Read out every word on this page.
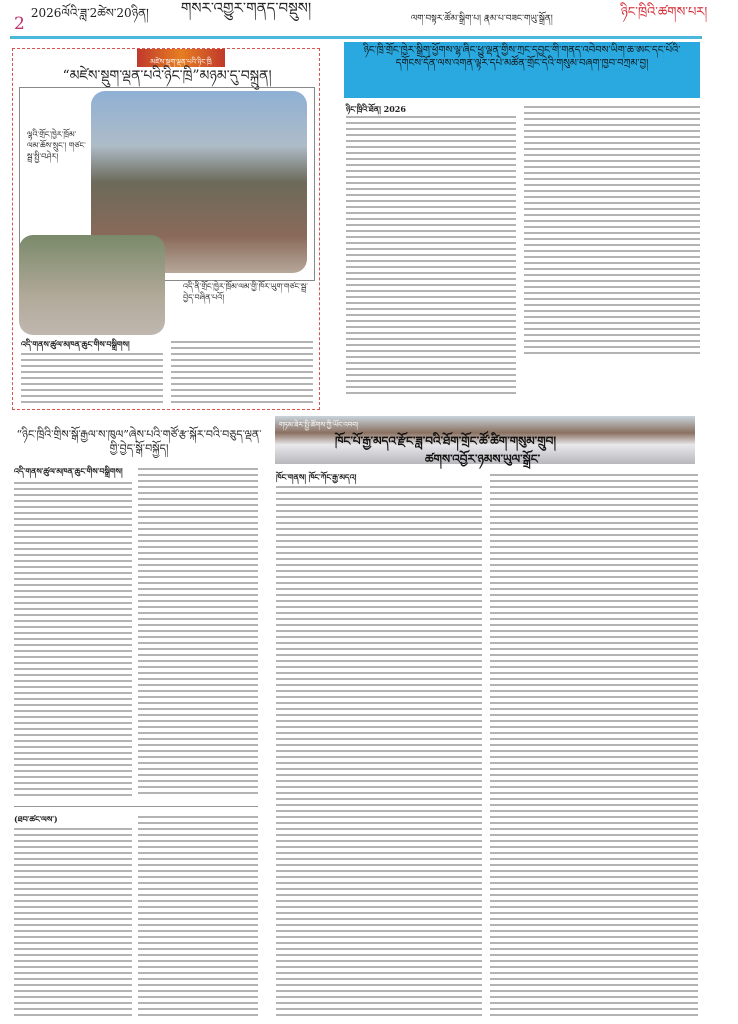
2
2026ལོའི་ཟླ་2ཚེས་20ཉིན།	གསར་འགྱུར་གནད་བསྡུས།
ལག་བསྟར་ཚོམ་སྒྲིག་པ། རྣམ་པ་བཟང་གཡུ་སྒྲོན།	ཉིང་ཁྲིའི་ཚགས་པར།
མཛེས་སྡུག་ལྡན་པའི་ཉིང་ཁྲི
“མཛེས་སྡུག་ལྡན་པའི་ཉིང་ཁྲི”མཉམ་དུ་བསྐྲུན།
ལྷའི་གྲོང་ཁྱེར་ཁྲོམ་ལམ་ཆོས་སྲུང་། གཙང་སྦྲ་སྤྱི་བཤེར།
འདི་ནི་གྲོང་ཁྱེར་ཁྲོམ་ལམ་གྱི་ཁོར་ཡུག་གཙང་སྦྲ་བྱེད་བཞིན་པའོ།
འདི་གནས་ཚུལ་མཁན་ཆུང་གིས་བསྒྲིགས།
ཉིང་ཁྲི་གྲོང་ཁྱེར་སྒྲིག་ཕྱོགས་ལྷ་ཞིང་ཕྱུ་ལྡན་གྱིས་ཀྲང་དབྱང་གི་གནད་འབེབས་ཡིག་ཆ་ཨང་དང་པོའི་དགོངས་དོན་ལས་འགན་ལྟར་དཔེ་མཚོན་གྲོང་དེའི་གསུམ་བཞག་ཁྱབ་བཀྲམ་བྱ།
ཉིང་ཁྲིའི་ཐོན། 2026
“ཉིང་ཁྲིའི་གྲིས་སྒོ་རྒྱལ་ས་ཁུལ”ཞེས་པའི་གཙོ་རྩ་སྐོར་བའི་བཅུད་ལྡན་གྱི་བྱེད་སྒོ་བསྐྱོད།
འདི་གནས་ཚུལ་མཁན་ཆུང་གིས་བསྒྲིགས།
(ཐབ་ཚང་ལས་)
གཏམ་ཟེར་སྤྱི་ཚོགས་ཀྱི་ཡོང་འབབ།
ཁོང་པོ་རྒྱ་མདའ་རྫོང་ཟླ་བའི་ཐོག་གྲོང་ཚོ་ཚིག་གསུམ་གྲུབ།
ཚགས་འབྱོར་ཉམས་ཡུལ་སྒྲོང་
ཁོང་གནས། ཁོང་ཀོང་རྒྱ་མདའ།
